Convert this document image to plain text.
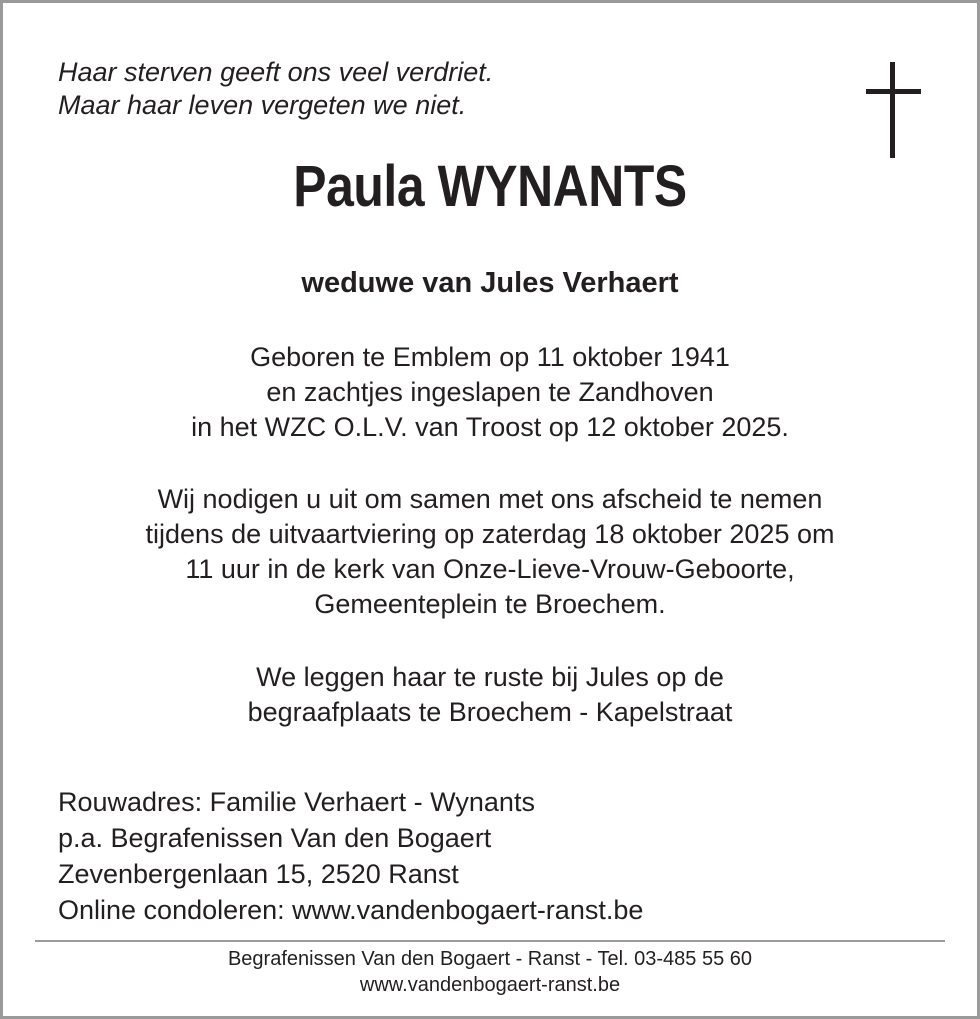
Haar sterven geeft ons veel verdriet.
Maar haar leven vergeten we niet.
Paula WYNANTS
weduwe van Jules Verhaert
Geboren te Emblem op 11 oktober 1941
en zachtjes ingeslapen te Zandhoven
in het WZC O.L.V. van Troost op 12 oktober 2025.
Wij nodigen u uit om samen met ons afscheid te nemen
tijdens de uitvaartviering op zaterdag 18 oktober 2025 om
11 uur in de kerk van Onze-Lieve-Vrouw-Geboorte,
Gemeenteplein te Broechem.
We leggen haar te ruste bij Jules op de
begraafplaats te Broechem - Kapelstraat
Rouwadres: Familie Verhaert - Wynants
p.a. Begrafenissen Van den Bogaert
Zevenbergenlaan 15, 2520 Ranst
Online condoleren: www.vandenbogaert-ranst.be
Begrafenissen Van den Bogaert - Ranst - Tel. 03-485 55 60
www.vandenbogaert-ranst.be
